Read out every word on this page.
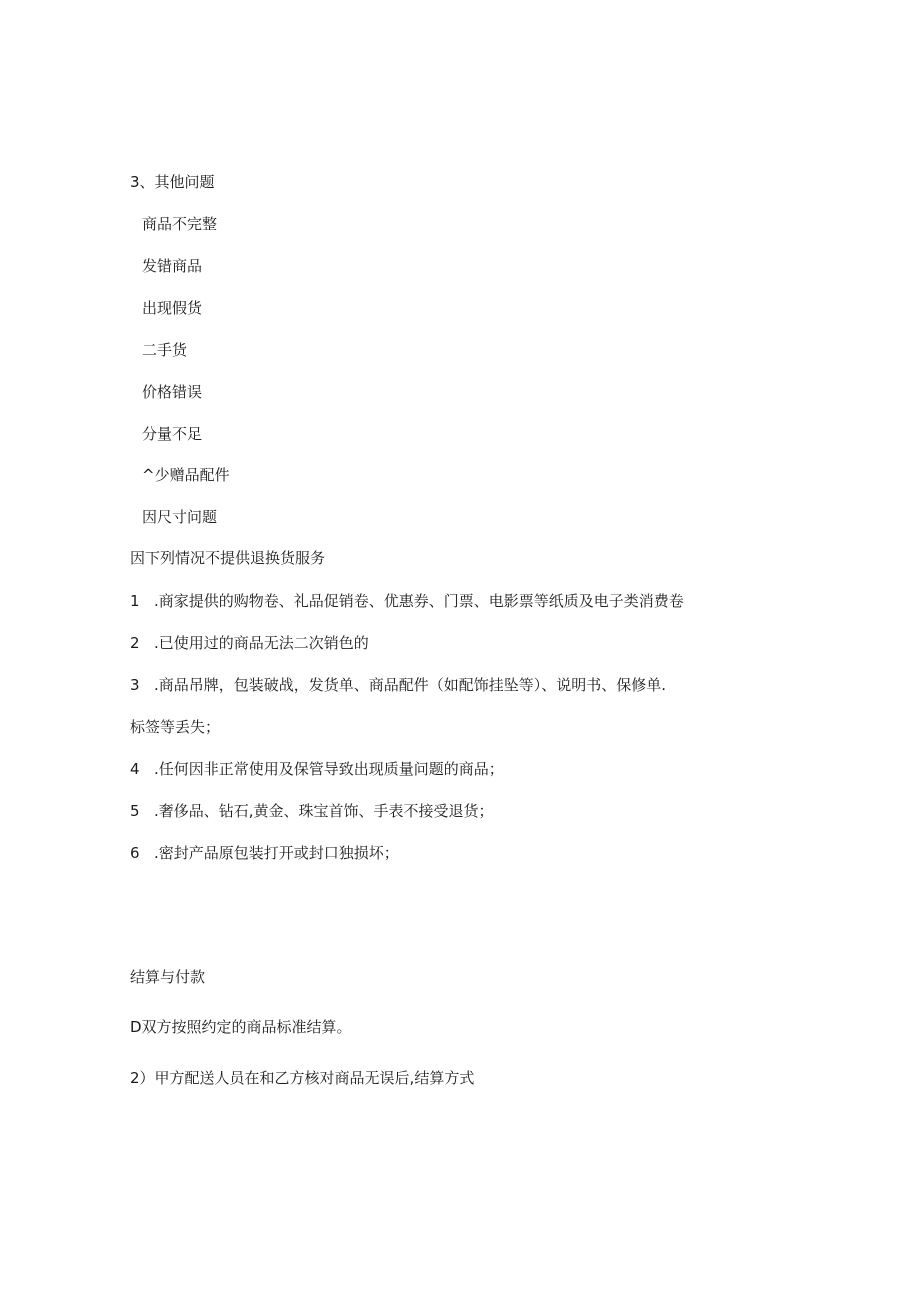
3、其他问题
商品不完整
发错商品
出现假货
二手货
价格错误
分量不足
^少赠品配件
因尺寸问题
因下列情况不提供退换货服务
1 .商家提供的购物卷、礼品促销卷、优惠券、门票、电影票等纸质及电子类消费卷
2 .已使用过的商品无法二次销色的
3 .商品吊牌，包装破战，发货单、商品配件（如配饰挂坠等）、说明书、保修单.
标签等丢失；
4 .任何因非正常使用及保管导致出现质量问题的商品；
5 .奢侈品、钻石,黄金、珠宝首饰、手表不接受退货；
6 .密封产品原包装打开或封口独损坏；
结算与付款
D双方按照约定的商品标准结算。
2）甲方配送人员在和乙方核对商品无误后,结算方式
